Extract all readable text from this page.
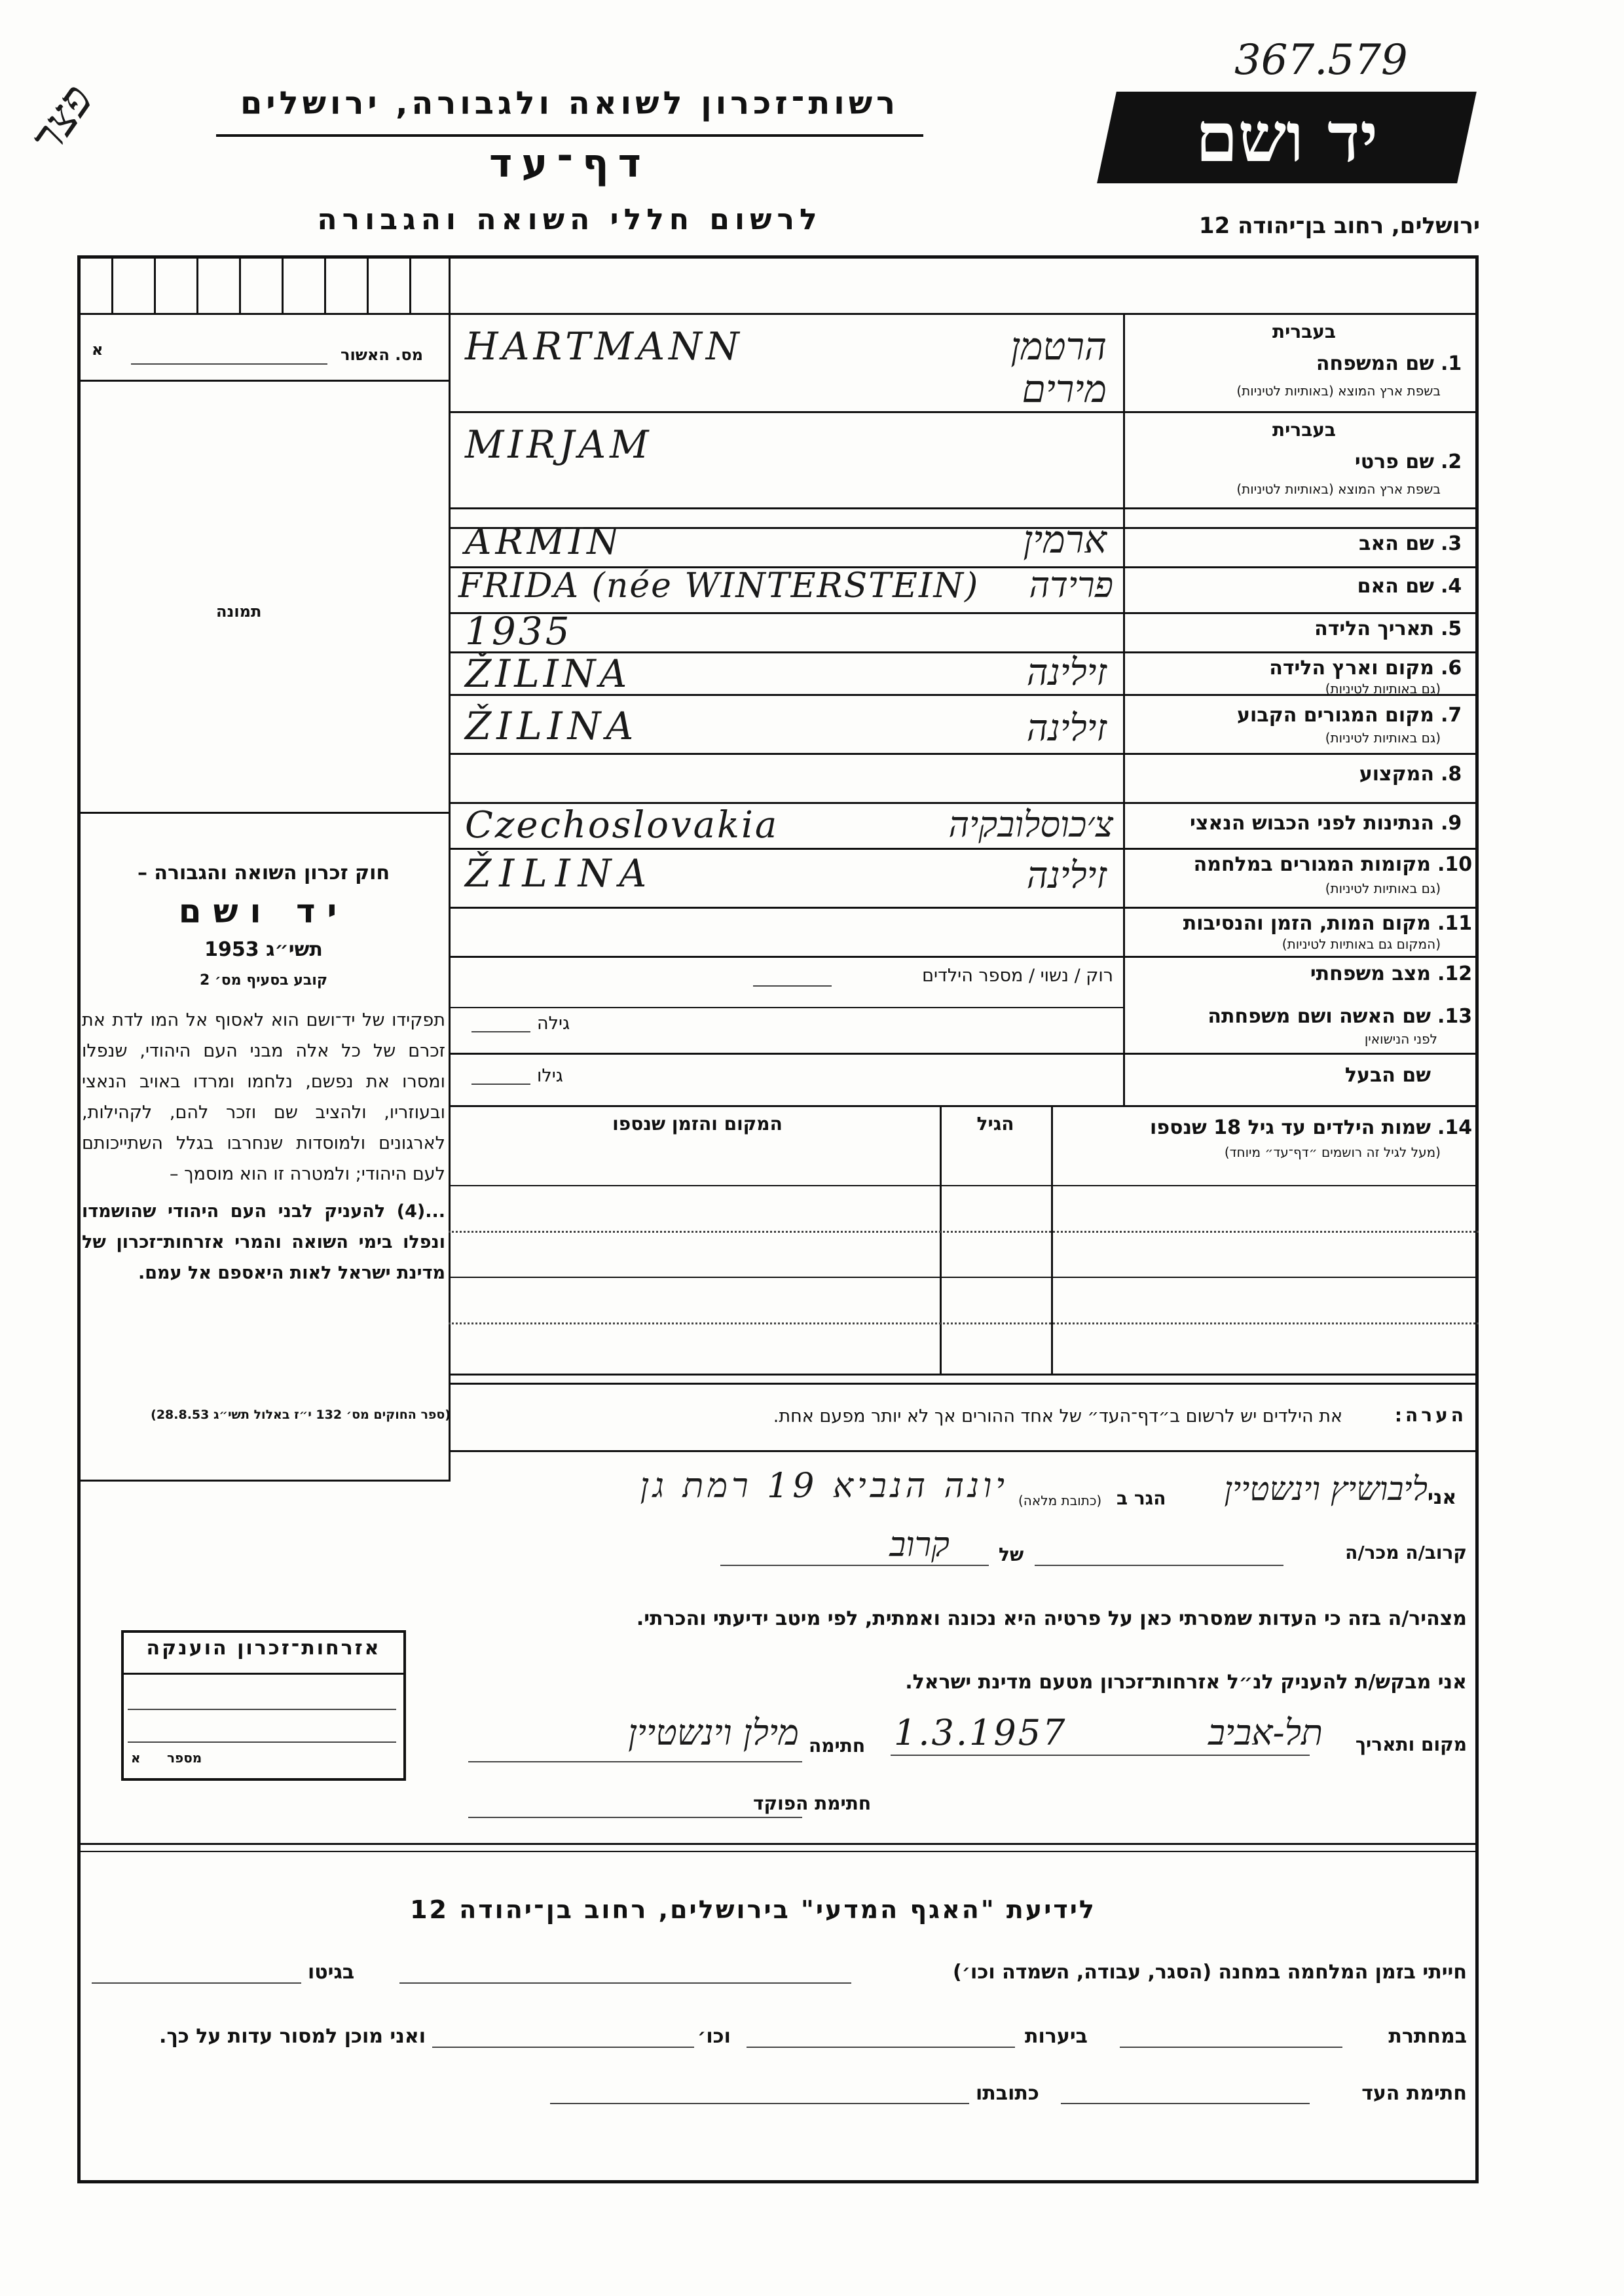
367.579
פצר	רשות־זכרון לשואה ולגבורה, ירושלים
דף־עד
לרשום חללי השואה והגבורה
יד ושם
ירושלים, רחוב בן־יהודה 12
א	מס. האשור
תמונה

חוק זכרון השואה והגבורה –

יד ושם

תשי״ג 1953

קובע בסעיף מס׳ 2

תפקידו של יד־ושם הוא לאסוף אל המו לדת את זכרם של כל אלה מבני העם היהודי, שנפלו ומסרו את נפשם, נלחמו ומרדו באויב הנאצי ובעוזריו, ולהציב שם וזכר להם, לקהילות, לארגונים ולמוסדות שנחרבו בגלל השתייכותם לעם היהודי; ולמטרה זו הוא מוסמך –

...(4) להעניק לבני העם היהודי שהושמדו ונפלו בימי השואה והמרי אזרחות־זכרון של מדינת ישראל לאות היאספם אל עמם.

(ספר החוקים מס׳ 132 י״ז באלול תשי״ג 28.8.53)
בעברית
1.
שם המשפחה
בשפת ארץ המוצא (באותיות לטיניות)
HARTMANN	הרטמן
בעברית
2.
שם פרטי
בשפת ארץ המוצא (באותיות לטיניות)
MIRJAM
מירים
3.
שם האב
ARMIN	ארמין
4.
שם האם
FRIDA (née WINTERSTEIN)	פרידה
5.
תאריך הלידה
1935
6.
מקום וארץ הלידה
(גם באותיות לטיניות)
ŽILINA	זילינה
7.
מקום המגורים הקבוע
(גם באותיות לטיניות)
ŽILINA	זילינה
8.
המקצוע
9.
הנתינות לפני הכבוש הנאצי
Czechoslovakia	צ׳כוסלובקיה
10.
מקומות המגורים במלחמה
(גם באותיות לטיניות)
ŽILINA	זילינה
11.
מקום המות, הזמן והנסיבות
(המקום גם באותיות לטיניות)
12.
מצב משפחתי
רוק / נשוי / מספר הילדים
13.
שם האשה ושם משפחתה
לפני הנישואין
גילה
שם הבעל
גילו
14.
שמות הילדים עד גיל 18 שנספו
(מעל לגיל זה רושמים ״דף־עד״ מיוחד)
הגיל
המקום והזמן שנספו
הערה:
את הילדים יש לרשום ב״דף־העד״ של אחד ההורים אך לא יותר מפעם אחת.
אני
ליבושיץ וינשטיין
הגר ב
(כתובת מלאה)
יונה הנביא 19 רמת גן
קרוב/ה מכר/ה
של
קרוב
מצהיר/ה בזה כי העדות שמסרתי כאן על פרטיה היא נכונה ואמתית, לפי מיטב ידיעתי והכרתי.
אני מבקש/ת להעניק לנ״ל אזרחות־זכרון מטעם מדינת ישראל.
מקום ותאריך
תל-אביב
1.3.1957
חתימה
מילן וינשטיין
חתימת הפוקד
אזרחות־זכרון הוענקה
מספר
א
לידיעת "האגף המדעי" בירושלים, רחוב בן־יהודה 12
חייתי בזמן המלחמה במחנה (הסגר, עבודה, השמדה וכו׳)
בגיטו
במחתרת
ביערות
וכו׳
ואני מוכן למסור עדות על כך.
חתימת העד
כתובתו
